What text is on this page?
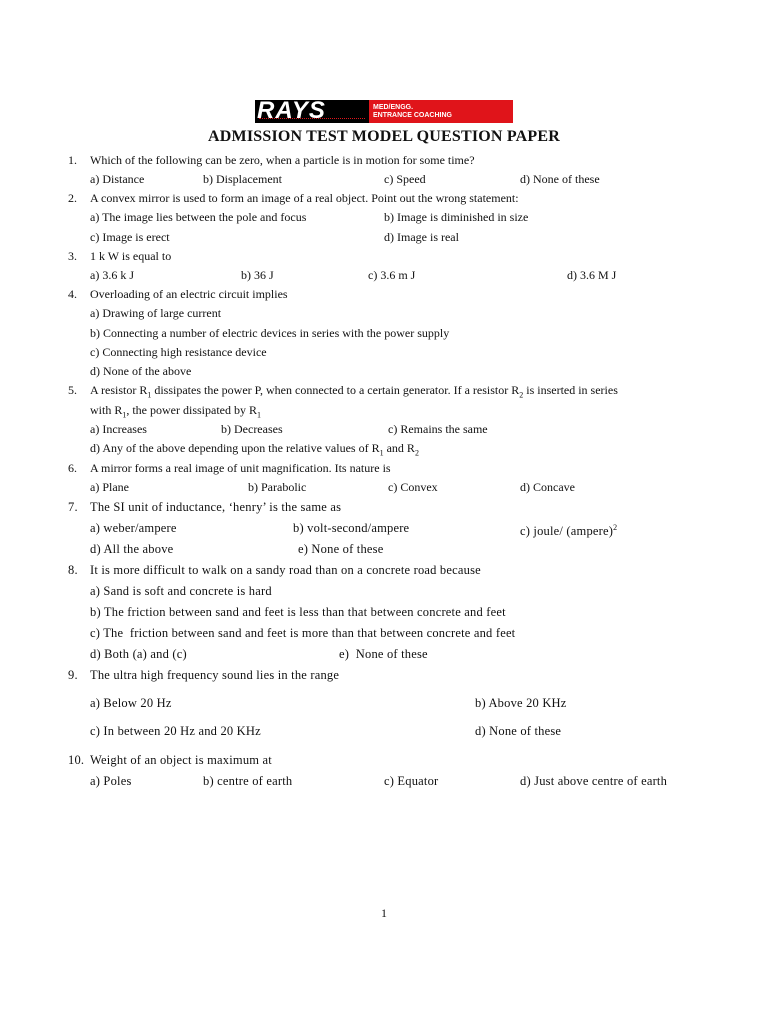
RAYS	MED/ENGG.
ENTRANCE COACHING
ADMISSION TEST MODEL QUESTION PAPER
1. Which of the following can be zero, when a particle is in motion for some time?
a) Distance	b) Displacement	c) Speed	d) None of these
2. A convex mirror is used to form an image of a real object. Point out the wrong statement:
a) The image lies between the pole and focus	b) Image is diminished in size
c) Image is erect	d) Image is real
3. 1 k W is equal to
a) 3.6 k J	b) 36 J	c) 3.6 m J	d) 3.6 M J
4. Overloading of an electric circuit implies
a) Drawing of large current
b) Connecting a number of electric devices in series with the power supply
c) Connecting high resistance device
d) None of the above
5. A resistor $R_1$ dissipates the power P, when connected to a certain generator. If a resistor $R_2$ is inserted in series
with $R_1$, the power dissipated by $R_1$
a) Increases	b) Decreases	c) Remains the same
d) Any of the above depending upon the relative values of $R_1$ and $R_2$
6. A mirror forms a real image of unit magnification. Its nature is
a) Plane	b) Parabolic	c) Convex	d) Concave
7. The SI unit of inductance, ‘henry’ is the same as
a) weber/ampere	b) volt-second/ampere	c) joule/ (ampere)$^2$
d) All the above	e) None of these
8. It is more difficult to walk on a sandy road than on a concrete road because
a) Sand is soft and concrete is hard
b) The friction between sand and feet is less than that between concrete and feet
c) The  friction between sand and feet is more than that between concrete and feet
d) Both (a) and (c)	e)  None of these
9. The ultra high frequency sound lies in the range
a) Below 20 Hz	b) Above 20 KHz
c) In between 20 Hz and 20 KHz	d) None of these
10. Weight of an object is maximum at
a) Poles	b) centre of earth	c) Equator	d) Just above centre of earth
1
